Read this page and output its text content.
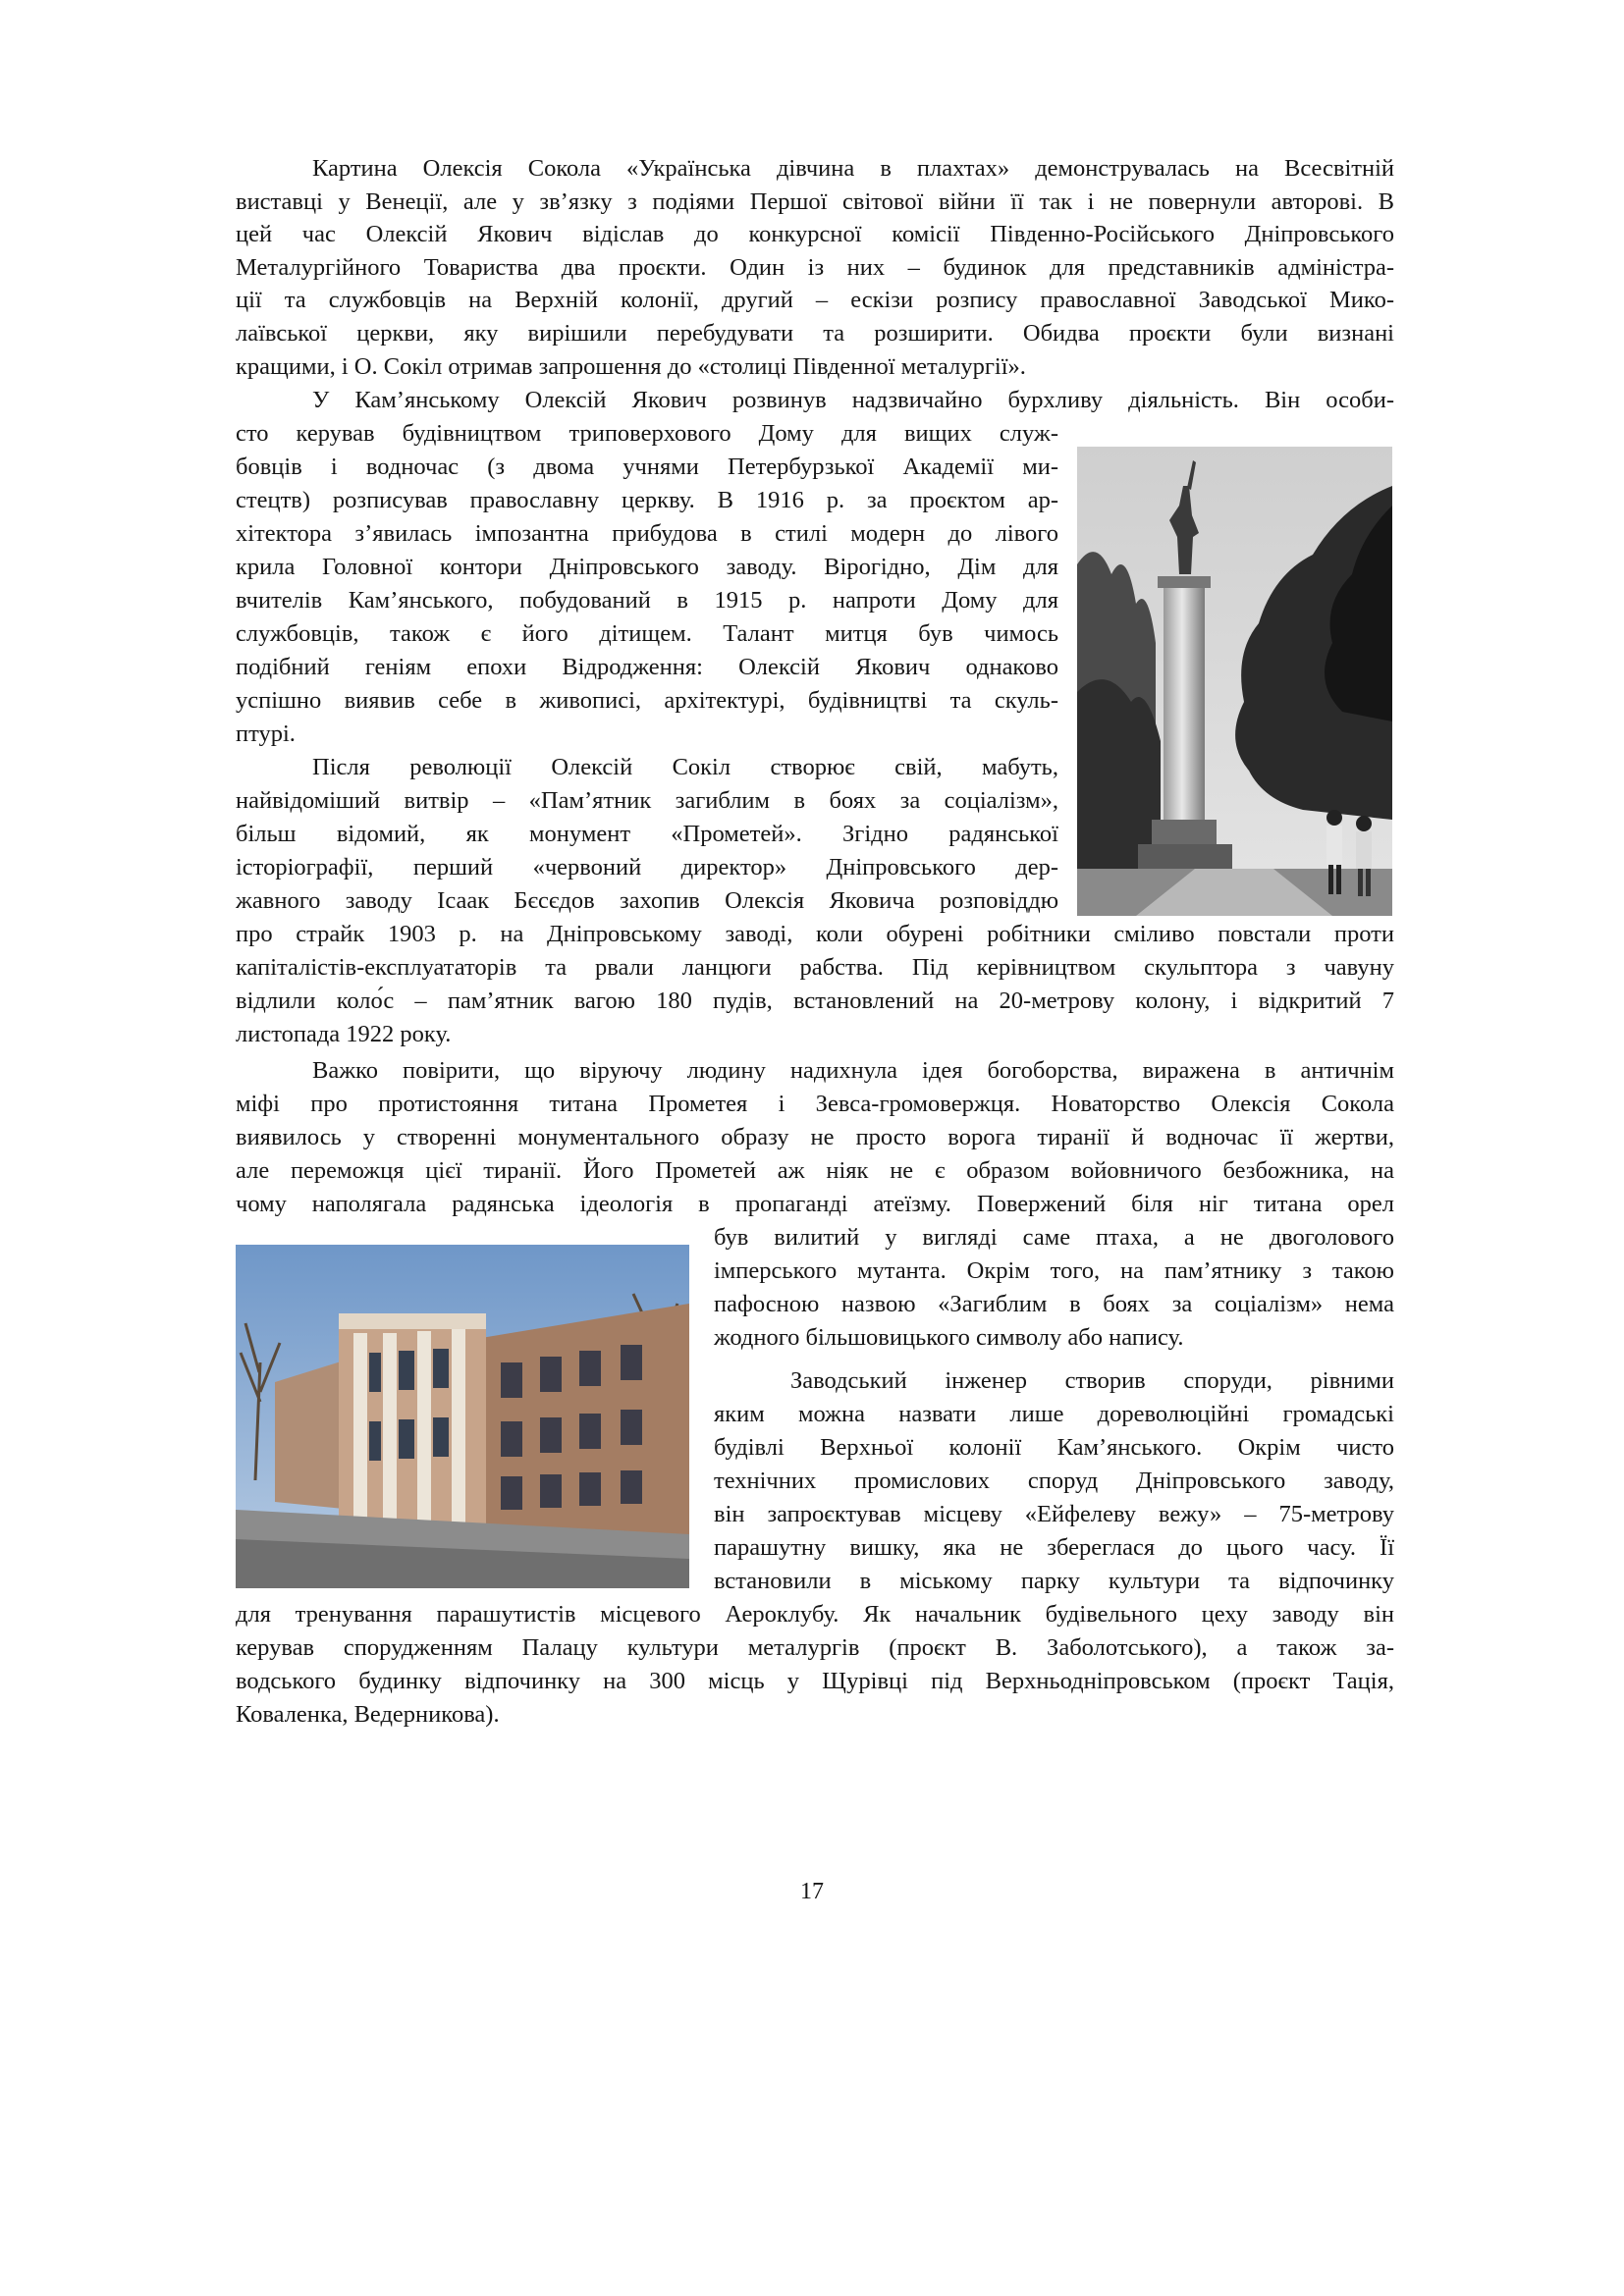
Картина Олексія Сокола «Українська дівчина в плахтах» демонструвалась на Всесвітній
виставці у Венеції, але у зв’язку з подіями Першої світової війни її так і не повернули авторові. В
цей час Олексій Якович відіслав до конкурсної комісії Південно-Російського Дніпровського
Металургійного Товариства два проєкти. Один із них – будинок для представників адміністра-
ції та службовців на Верхній колонії, другий – ескізи розпису православної Заводської Мико-
лаївської церкви, яку вирішили перебудувати та розширити. Обидва проєкти були визнані
кращими, і О. Сокіл отримав запрошення до «столиці Південної металургії».
У Кам’янському Олексій Якович розвинув надзвичайно бурхливу діяльність. Він особи-
сто керував будівництвом триповерхового Дому для вищих служ-
бовців і водночас (з двома учнями Петербурзької Академії ми-
стецтв) розписував православну церкву. В 1916 р. за проєктом ар-
хітектора з’явилась імпозантна прибудова в стилі модерн до лівого
крила Головної контори Дніпровського заводу. Вірогідно, Дім для
вчителів Кам’янського, побудований в 1915 р. напроти Дому для
службовців, також є його дітищем. Талант митця був чимось
подібний геніям епохи Відродження: Олексій Якович однаково
успішно виявив себе в живописі, архітектурі, будівництві та скуль-
птурі.
Після революції Олексій Сокіл створює свій, мабуть,
найвідоміший витвір – «Пам’ятник загиблим в боях за соціалізм»,
більш відомий, як монумент «Прометей». Згідно радянської
історіографії, перший «червоний директор» Дніпровського дер-
жавного заводу Ісаак Бєсєдов захопив Олексія Яковича розповіддю
про страйк 1903 р. на Дніпровському заводі, коли обурені робітники сміливо повстали проти
капіталістів-експлуататорів та рвали ланцюги рабства. Під керівництвом скульптора з чавуну
відлили коло́с – пам’ятник вагою 180 пудів, встановлений на 20-метрову колону, і відкритий 7
листопада 1922 року.
Важко повірити, що віруючу людину надихнула ідея богоборства, виражена в античнім
міфі про протистояння титана Прометея і Зевса-громовержця. Новаторство Олексія Сокола
виявилось у створенні монументального образу не просто ворога тиранії й водночас її жертви,
але переможця цієї тиранії. Його Прометей аж ніяк не є образом войовничого безбожника, на
чому наполягала радянська ідеологія в пропаганді атеїзму. Повержений біля ніг титана орел
був вилитий у вигляді саме птаха, а не двоголового
імперського мутанта. Окрім того, на пам’ятнику з такою
пафосною назвою «Загиблим в боях за соціалізм» нема
жодного більшовицького символу або напису.
Заводський інженер створив споруди, рівними
яким можна назвати лише дореволюційні громадські
будівлі Верхньої колонії Кам’янського. Окрім чисто
технічних промислових споруд Дніпровського заводу,
він запроєктував місцеву «Ейфелеву вежу» – 75-метрову
парашутну вишку, яка не збереглася до цього часу. Її
встановили в міському парку культури та відпочинку
для тренування парашутистів місцевого Аероклубу. Як начальник будівельного цеху заводу він
керував спорудженням Палацу культури металургів (проєкт В. Заболотського), а також за-
водського будинку відпочинку на 300 місць у Щурівці під Верхньодніпровськом (проєкт Тація,
Коваленка, Ведерникова).
17
